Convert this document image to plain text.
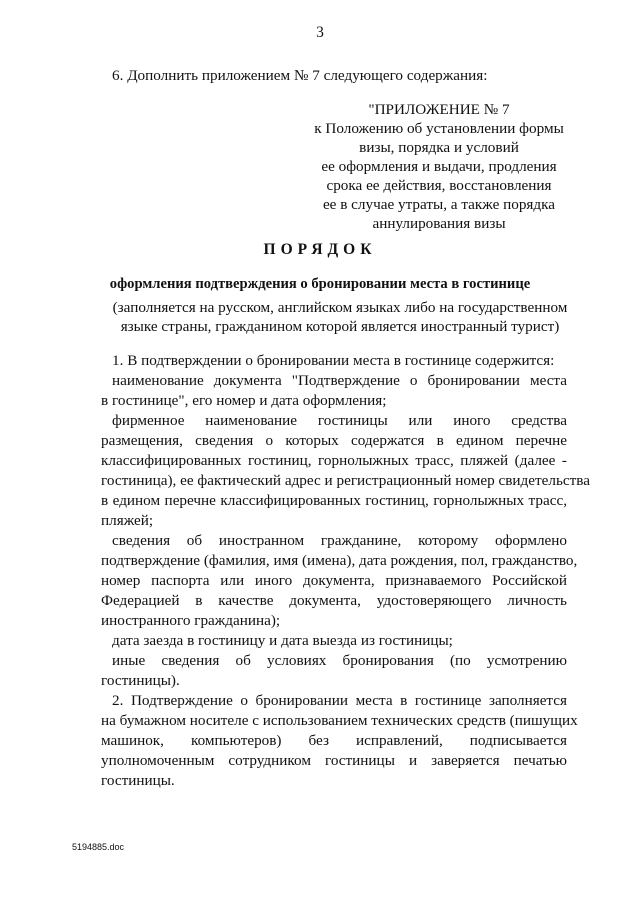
3
6. Дополнить приложением № 7 следующего содержания:
"ПРИЛОЖЕНИЕ № 7
к Положению об установлении формы
визы, порядка и условий
ее оформления и выдачи, продления
срока ее действия, восстановления
ее в случае утраты, а также порядка
аннулирования визы
ПОРЯДОК
оформления подтверждения о бронировании места в гостинице
(заполняется на русском, английском языках либо на государственном
языке страны, гражданином которой является иностранный турист)
1. В подтверждении о бронировании места в гостинице содержится:
наименование документа "Подтверждение о бронировании места
в гостинице", его номер и дата оформления;
фирменное наименование гостиницы или иного средства
размещения, сведения о которых содержатся в едином перечне
классифицированных гостиниц, горнолыжных трасс, пляжей (далее -
гостиница), ее фактический адрес и регистрационный номер свидетельства
в едином перечне классифицированных гостиниц, горнолыжных трасс,
пляжей;
сведения об иностранном гражданине, которому оформлено
подтверждение (фамилия, имя (имена), дата рождения, пол, гражданство,
номер паспорта или иного документа, признаваемого Российской
Федерацией в качестве документа, удостоверяющего личность
иностранного гражданина);
дата заезда в гостиницу и дата выезда из гостиницы;
иные сведения об условиях бронирования (по усмотрению
гостиницы).
2. Подтверждение о бронировании места в гостинице заполняется
на бумажном носителе с использованием технических средств (пишущих
машинок, компьютеров) без исправлений, подписывается
уполномоченным сотрудником гостиницы и заверяется печатью
гостиницы.
5194885.doc
